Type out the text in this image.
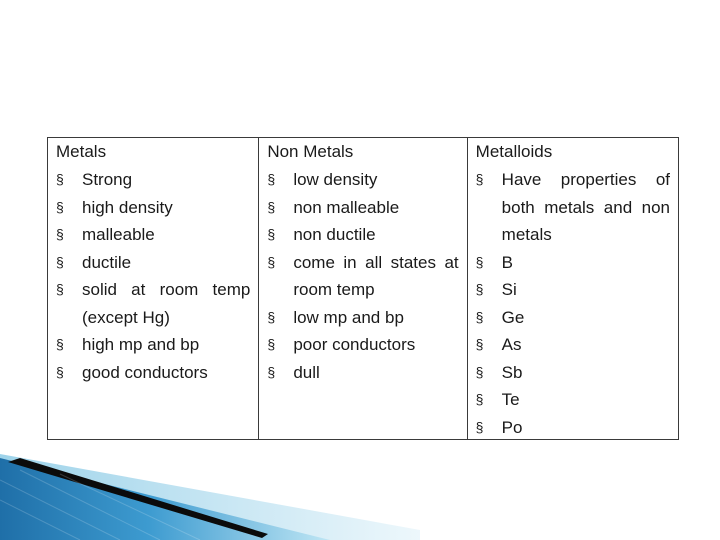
Metals
§ Strong
§ high density
§ malleable
§ ductile
§ solid at room temp (except Hg)
§ high mp and bp
§ good conductors
Non Metals
§ low density
§ non malleable
§ non ductile
§ come in all states at room temp
§ low mp and bp
§ poor conductors
§ dull
Metalloids
§ Have properties of both metals and non metals
§ B
§ Si
§ Ge
§ As
§ Sb
§ Te
§ Po
